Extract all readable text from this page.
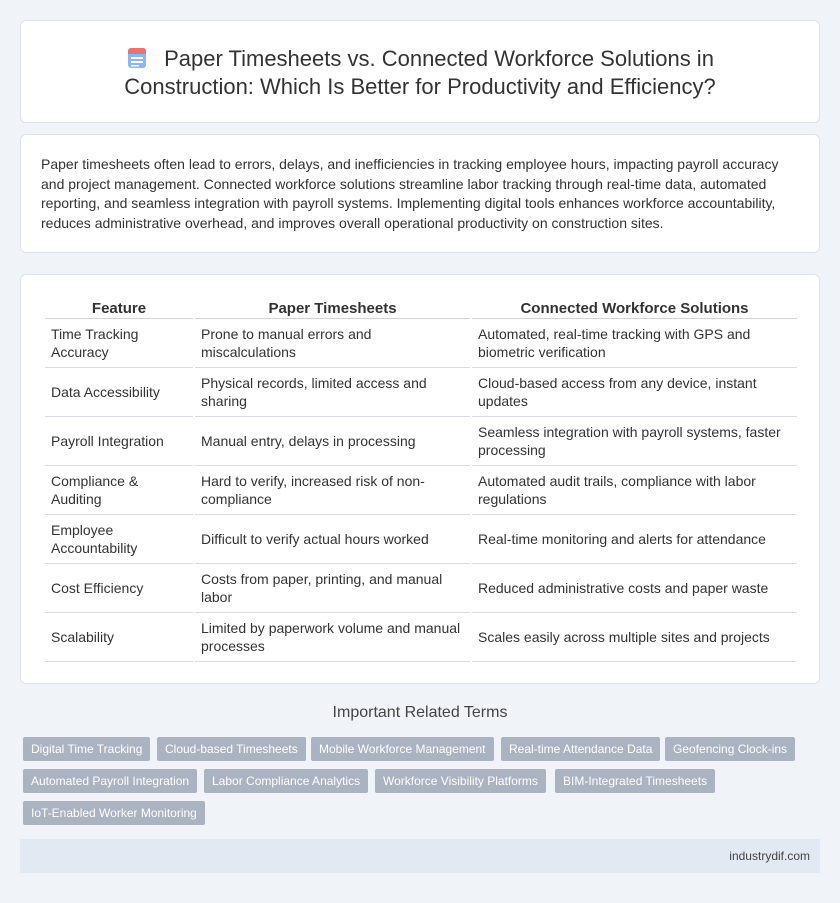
Paper Timesheets vs. Connected Workforce Solutions in
Construction: Which Is Better for Productivity and Efficiency?

Paper timesheets often lead to errors, delays, and inefficiencies in tracking employee hours, impacting payroll accuracy and project management. Connected workforce solutions streamline labor tracking through real-time data, automated reporting, and seamless integration with payroll systems. Implementing digital tools enhances workforce accountability, reduces administrative overhead, and improves overall operational productivity on construction sites.

Feature	Paper Timesheets	Connected Workforce Solutions
Time Tracking Accuracy	Prone to manual errors and miscalculations	Automated, real-time tracking with GPS and biometric verification
Data Accessibility	Physical records, limited access and sharing	Cloud-based access from any device, instant updates
Payroll Integration	Manual entry, delays in processing	Seamless integration with payroll systems, faster processing
Compliance & Auditing	Hard to verify, increased risk of non-compliance	Automated audit trails, compliance with labor regulations
Employee Accountability	Difficult to verify actual hours worked	Real-time monitoring and alerts for attendance
Cost Efficiency	Costs from paper, printing, and manual labor	Reduced administrative costs and paper waste
Scalability	Limited by paperwork volume and manual processes	Scales easily across multiple sites and projects
Important Related Terms
Digital Time Tracking	Cloud-based Timesheets	Mobile Workforce Management	Real-time Attendance Data	Geofencing Clock-ins
Automated Payroll Integration	Labor Compliance Analytics	Workforce Visibility Platforms	BIM-Integrated Timesheets
IoT-Enabled Worker Monitoring
industrydif.com
